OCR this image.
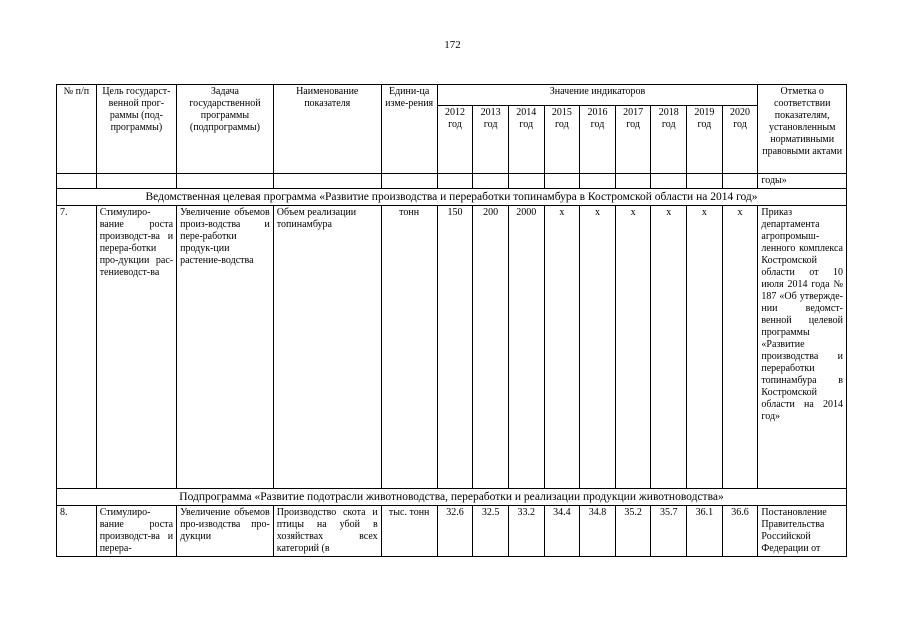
172
№ п/п	Цель государст-венной прог-раммы (под-программы)	Задача государственной программы (подпрограммы)	Наименование показателя	Едини-ца изме-рения	Значение индикаторов									Отметка о соответствии показателям, установленным нормативными правовыми актами
					2012 год	2013 год	2014 год	2015 год	2016 год	2017 год	2018 год	2019 год	2020 год	
														годы»
Ведомственная целевая программа «Развитие производства и переработки топинамбура в Костромской области на 2014 год»														
7.	Стимулиро-вание роста производст-ва и перера-ботки про-дукции рас-тениеводст-ва	Увеличение объемов произ-водства и пере-работки продук-ции растение-водства	Объем реализации топинамбура	тонн	150	200	2000	х	х	х	х	х	х	Приказ департамента агропромыш-ленного комплекса Костромской области от 10 июля 2014 года № 187 «Об утвержде-нии ведомст-венной целевой программы «Развитие производства и переработки топинамбура в Костромской области на 2014 год»
Подпрограмма «Развитие подотрасли животноводства, переработки и реализации продукции животноводства»														
8.	Стимулиро-вание роста производст-ва и перера-	Увеличение объемов про-изводства про-дукции	Производство скота и птицы на убой в хозяйствах всех категорий (в	тыс. тонн	32.6	32.5	33.2	34.4	34.8	35.2	35.7	36.1	36.6	Постановление Правительства Российской Федерации от
